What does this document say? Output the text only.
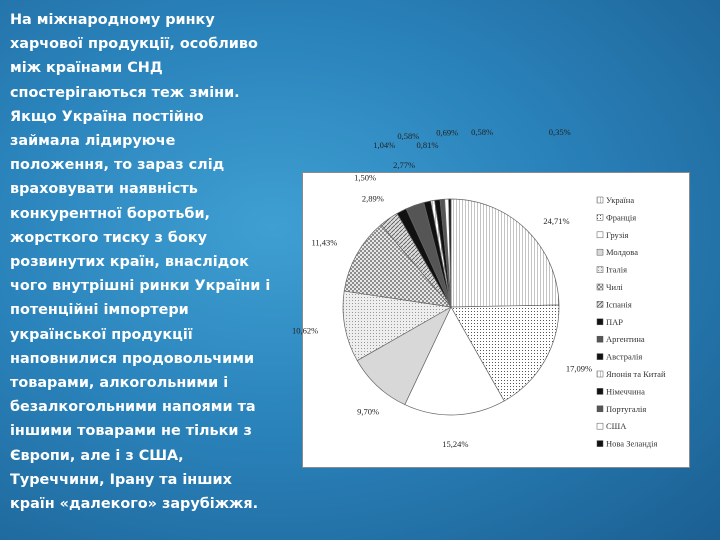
На міжнародному ринку
харчової продукції, особливо
між країнами СНД
спостерігаються теж зміни.
Якщо Україна постійно
займала лідируюче
положення, то зараз слід
враховувати наявність
конкурентної боротьби,
жорсткого тиску з боку
розвинутих країн, внаслідок
чого внутрішні ринки України і
потенційні імпортери
української продукції
наповнилися продовольчими
товарами, алкогольними і
безалкогольними напоями та
іншими товарами не тільки з
Європи, але і з США,
Туреччини, Ірану та інших
країн «далекого» зарубіжжя.
24,71%
17,09%
15,24%
9,70%
10,62%
11,43%
2,89%
1,50%
2,77%
1,04%
0,58%
0,81%
0,69% 0,58%	0,35%
Україна
Франція
Грузія
Молдова
Італія
Чилі
Іспанія
ПАР
Аргентина
Австралія
Японія та Китай
Німеччина
Португалія
США
Нова Зеландія
